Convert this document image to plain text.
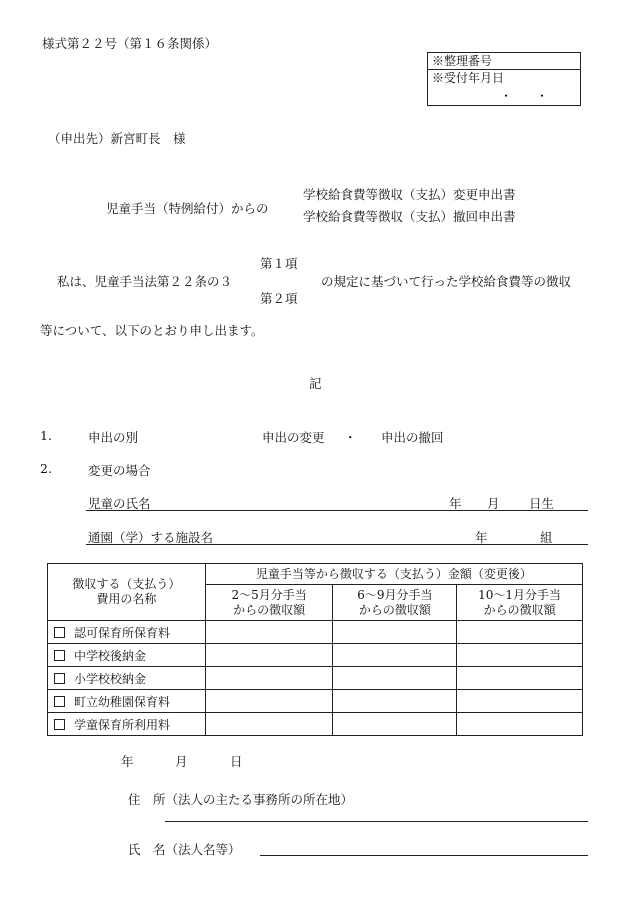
様式第２２号（第１６条関係）
※整理番号
※受付年月日
・　　・
（申出先）新宮町長　様
児童手当（特例給付）からの
学校給食費等徴収（支払）変更申出書
学校給食費等徴収（支払）撤回申出書
第１項
私は、児童手当法第２２条の３	の規定に基づいて行った学校給食費等の徴収
第２項
等について、以下のとおり申し出ます。
記
1.	申出の別	申出の変更 ・ 申出の撤回
2.	変更の場合
児童の氏名	年 月 日生
通園（学）する施設名	年	組
徴収する（支払う）費用の名称	児童手当等から徴収する（支払う）金額（変更後）		
	2～5月分手当からの徴収額	6～9月分手当からの徴収額	10～1月分手当からの徴収額
認可保育所保育料			
中学校後納金			
小学校校納金			
町立幼稚園保育料			
学童保育所利用料			
年	月	日
住　所（法人の主たる事務所の所在地）
氏　名（法人名等）
